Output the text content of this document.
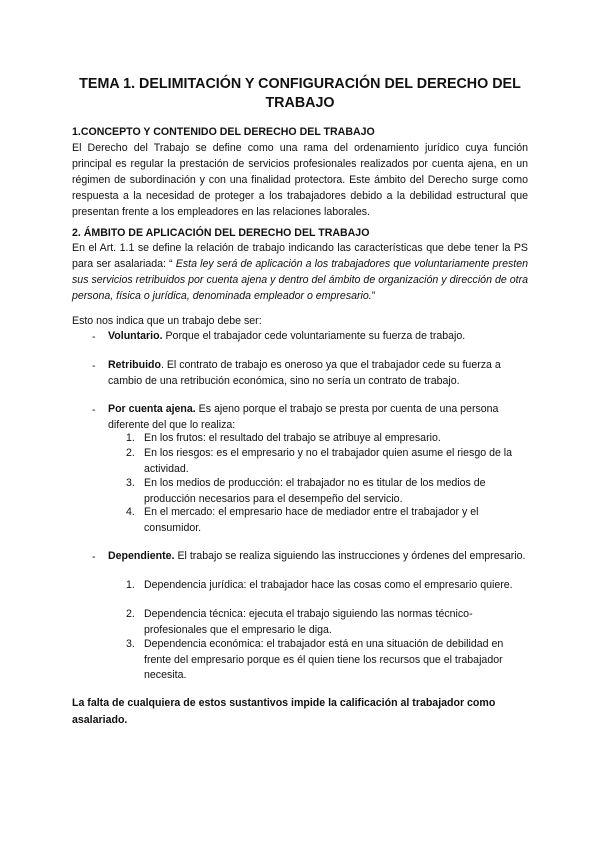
TEMA 1. DELIMITACIÓN Y CONFIGURACIÓN DEL DERECHO DEL TRABAJO
1.CONCEPTO Y CONTENIDO DEL DERECHO DEL TRABAJO
El Derecho del Trabajo se define como una rama del ordenamiento jurídico cuya función principal es regular la prestación de servicios profesionales realizados por cuenta ajena, en un régimen de subordinación y con una finalidad protectora. Este ámbito del Derecho surge como respuesta a la necesidad de proteger a los trabajadores debido a la debilidad estructural que presentan frente a los empleadores en las relaciones laborales.
2. ÁMBITO DE APLICACIÓN DEL DERECHO DEL TRABAJO
En el Art. 1.1 se define la relación de trabajo indicando las características que debe tener la PS para ser asalariada: “ Esta ley será de aplicación a los trabajadores que voluntariamente presten sus servicios retribuidos por cuenta ajena y dentro del ámbito de organización y dirección de otra persona, física o jurídica, denominada empleador o empresario.”
Esto nos indica que un trabajo debe ser:
- Voluntario. Porque el trabajador cede voluntariamente su fuerza de trabajo.
- Retribuido. El contrato de trabajo es oneroso ya que el trabajador cede su fuerza a cambio de una retribución económica, sino no sería un contrato de trabajo.
- Por cuenta ajena. Es ajeno porque el trabajo se presta por cuenta de una persona diferente del que lo realiza:
1. En los frutos: el resultado del trabajo se atribuye al empresario.
2. En los riesgos: es el empresario y no el trabajador quien asume el riesgo de la actividad.
3. En los medios de producción: el trabajador no es titular de los medios de producción necesarios para el desempeño del servicio.
4. En el mercado: el empresario hace de mediador entre el trabajador y el consumidor.
- Dependiente. El trabajo se realiza siguiendo las instrucciones y órdenes del empresario.
1. Dependencia jurídica: el trabajador hace las cosas como el empresario quiere.
2. Dependencia técnica: ejecuta el trabajo siguiendo las normas técnico-profesionales que el empresario le diga.
3. Dependencia económica: el trabajador está en una situación de debilidad en frente del empresario porque es él quien tiene los recursos que el trabajador necesita.
La falta de cualquiera de estos sustantivos impide la calificación al trabajador como asalariado.
